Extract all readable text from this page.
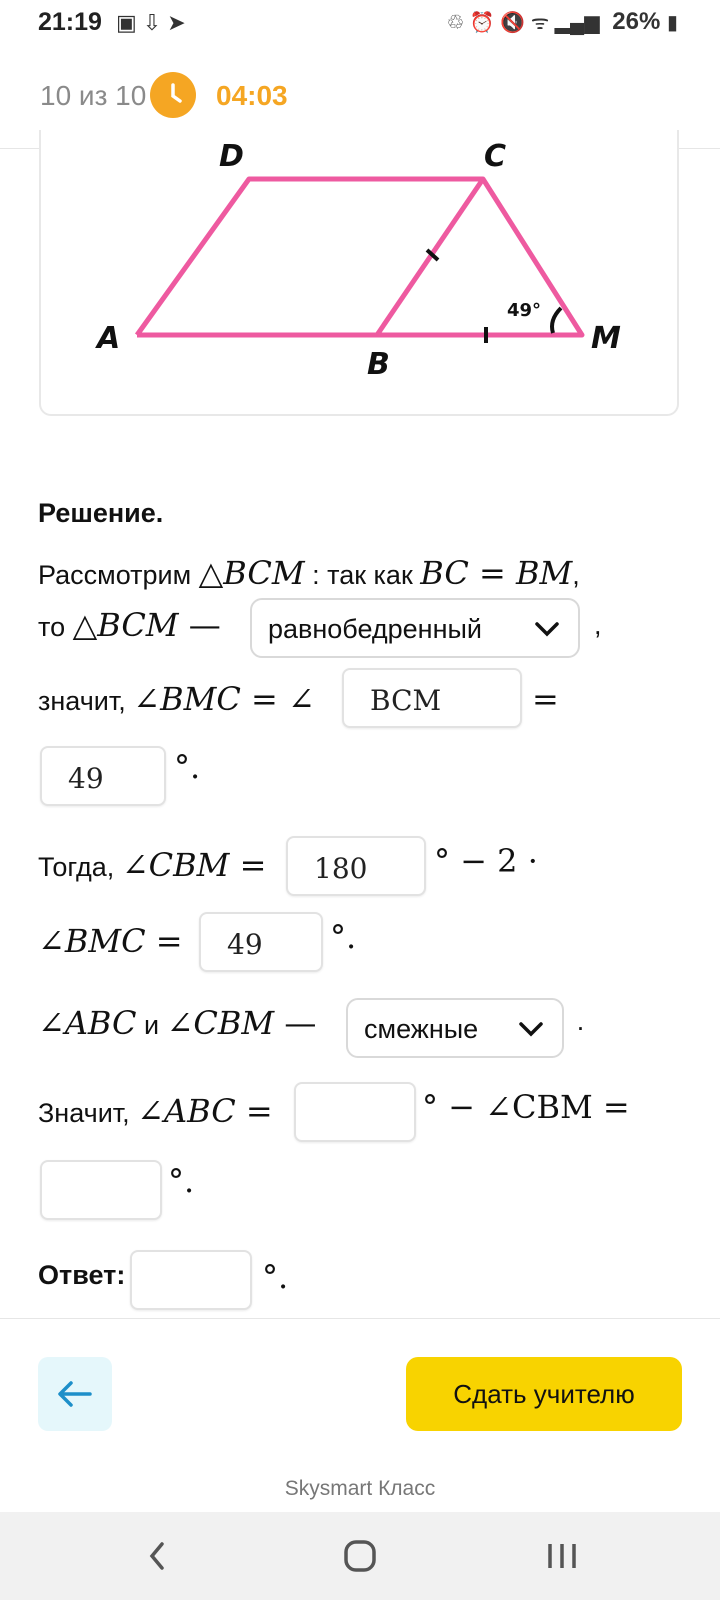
21:19 ▣⇩➤	♲ ⏰ 🔇 ᯤ ▂▄▆ 26% ▮
10 из 10 04:03
49°
A
B
C
D
M
Решение.
Рассмотрим △BCM : так как BC = BM,
то △BCM —	равнобедренный	,
значит, ∠BMC = ∠	BCM	=
49	°.
Тогда, ∠CBM =	180	° − 2 ·
∠BMC =	49	°.
∠ABC и ∠CBM —	смежные	·
Значит, ∠ABC =	° − ∠CBM =
°.
Ответ:	°.
Сдать учителю
Skysmart Класс
